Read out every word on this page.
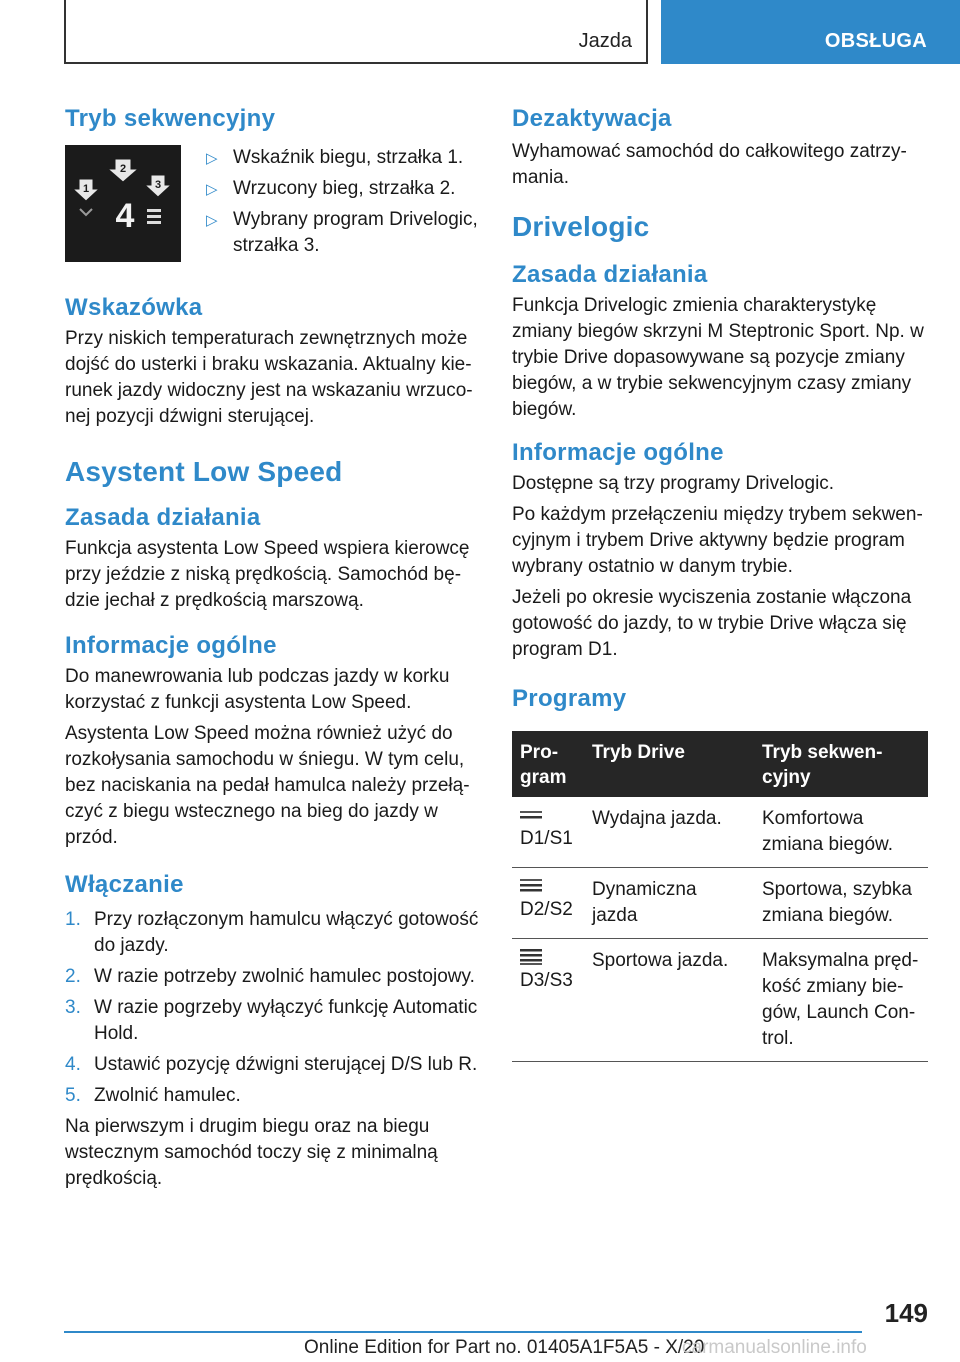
Jazda	OBSŁUGA
Tryb sekwencyjny
1
2
3
4
▷ Wskaźnik biegu, strzałka 1.
▷ Wrzucony bieg, strzałka 2.
▷ Wybrany program Drivelogic, strzałka 3.
Wskazówka

Przy niskich temperaturach zewnętrznych może dojść do usterki i braku wskazania. Aktualny kierunek jazdy widoczny jest na wskazaniu wrzuconej pozycji dźwigni sterującej.

Asystent Low Speed
Zasada działania

Funkcja asystenta Low Speed wspiera kierowcę przy jeździe z niską prędkością. Samochód będzie jechał z prędkością marszową.

Informacje ogólne

Do manewrowania lub podczas jazdy w korku korzystać z funkcji asystenta Low Speed.

Asystenta Low Speed można również użyć do rozkołysania samochodu w śniegu. W tym celu, bez naciskania na pedał hamulca należy przełączyć z biegu wstecznego na bieg do jazdy w przód.

Włączanie
1. Przy rozłączonym hamulcu włączyć gotowość do jazdy.
2. W razie potrzeby zwolnić hamulec postojowy.
3. W razie pogrzeby wyłączyć funkcję Automatic Hold.
4. Ustawić pozycję dźwigni sterującej D/S lub R.
5. Zwolnić hamulec.

Na pierwszym i drugim biegu oraz na biegu wstecznym samochód toczy się z minimalną prędkością.

Dezaktywacja

Wyhamować samochód do całkowitego zatrzymania.

Drivelogic
Zasada działania

Funkcja Drivelogic zmienia charakterystykę zmiany biegów skrzyni M Steptronic Sport. Np. w trybie Drive dopasowywane są pozycje zmiany biegów, a w trybie sekwencyjnym czasy zmiany biegów.

Informacje ogólne

Dostępne są trzy programy Drivelogic.

Po każdym przełączeniu między trybem sekwencyjnym i trybem Drive aktywny będzie program wybrany ostatnio w danym trybie.

Jeżeli po okresie wyciszenia zostanie włączona gotowość do jazdy, to w trybie Drive włącza się program D1.

Programy
Program	Tryb Drive	Tryb sekwencyjny

D1/S1	Wydajna jazda.	Komfortowa zmiana biegów.

D2/S2	Dynamiczna jazda	Sportowa, szybka zmiana biegów.

D3/S3	Sportowa jazda.	Maksymalna prędkość zmiany biegów, Launch Control.
149
Online Edition for Part no. 01405A1F5A5 - X/20
carmanualsonline.info
